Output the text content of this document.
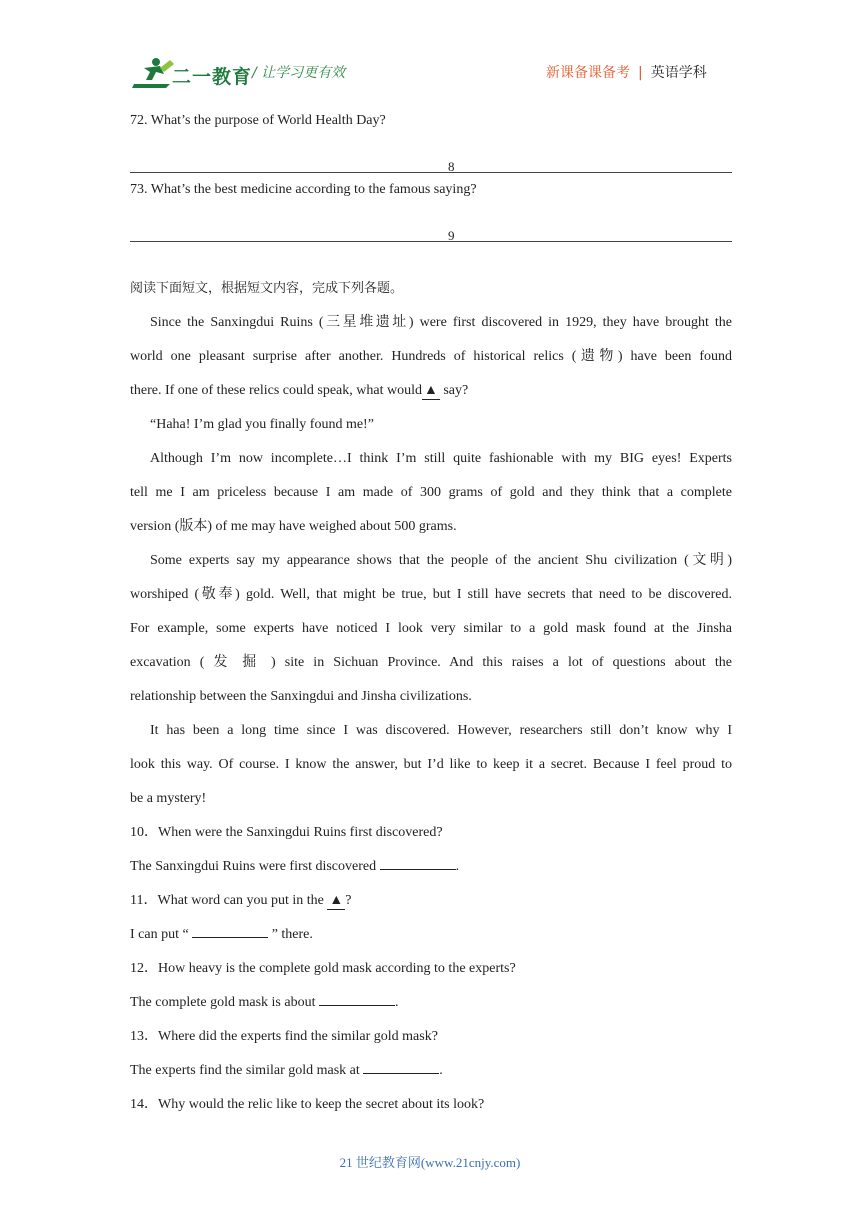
二一教育 / 让学习更有效	新课备课备考 | 英语学科
72. What’s the purpose of World Health Day?
8
73. What’s the best medicine according to the famous saying?
9
阅读下面短文，根据短文内容，完成下列各题。
Since the Sanxingdui Ruins (三星堆遗址) were first discovered in 1929, they have brought the
world one pleasant surprise after another. Hundreds of historical relics (遗物) have been found
there. If one of these relics could speak, what would ▲ say?
“Haha! I’m glad you finally found me!”
Although I’m now incomplete…I think I’m still quite fashionable with my BIG eyes! Experts
tell me I am priceless because I am made of 300 grams of gold and they think that a complete
version (版本) of me may have weighed about 500 grams.
Some experts say my appearance shows that the people of the ancient Shu civilization (文明)
worshiped (敬奉) gold. Well, that might be true, but I still have secrets that need to be discovered.
For example, some experts have noticed I look very similar to a gold mask found at the Jinsha
excavation ( 发 掘 ) site in Sichuan Province. And this raises a lot of questions about the
relationship between the Sanxingdui and Jinsha civilizations.
It has been a long time since I was discovered. However, researchers still don’t know why I
look this way. Of course. I know the answer, but I’d like to keep it a secret. Because I feel proud to
be a mystery!
10．When were the Sanxingdui Ruins first discovered?
The Sanxingdui Ruins were first discovered	.
11．What word can you put in the ▲ ?
I can put “	” there.
12．How heavy is the complete gold mask according to the experts?
The complete gold mask is about	.
13．Where did the experts find the similar gold mask?
The experts find the similar gold mask at	.
14．Why would the relic like to keep the secret about its look?
21 世纪教育网(www.21cnjy.com)
